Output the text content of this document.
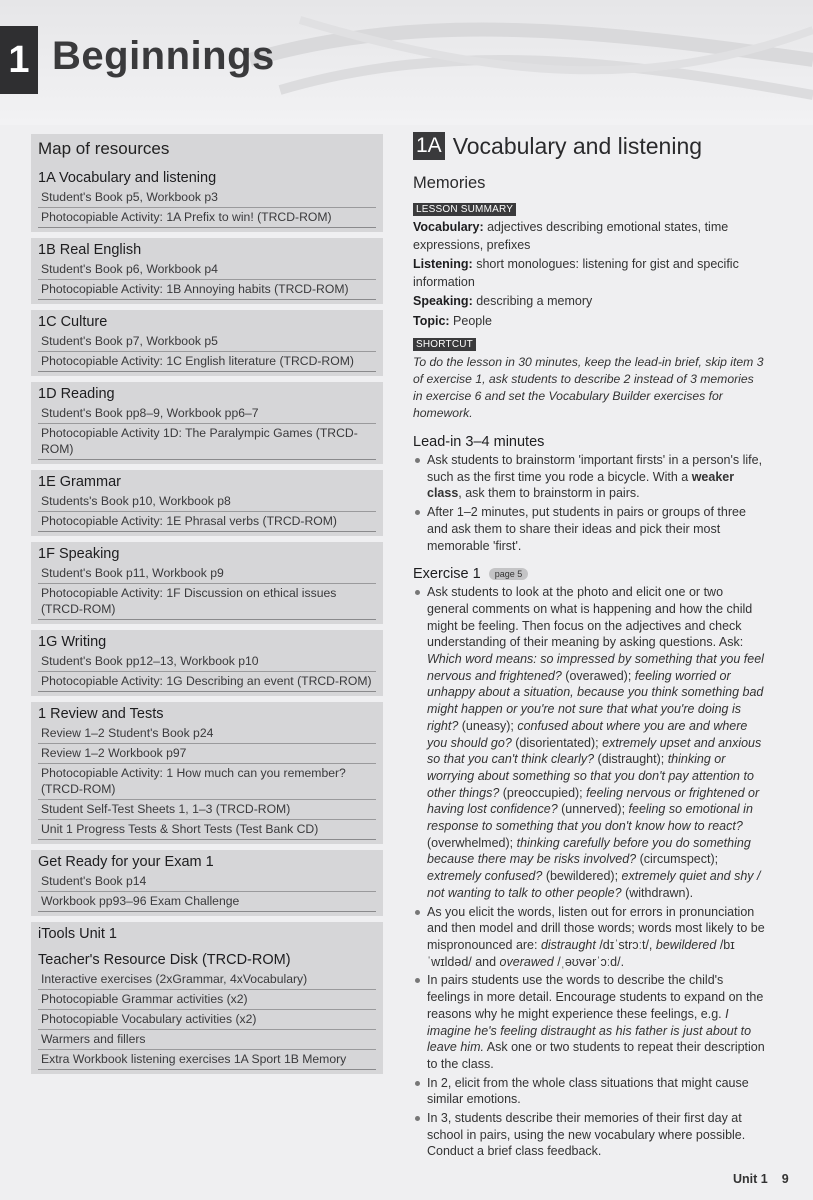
1 Beginnings
Map of resources
1A Vocabulary and listening
Student's Book p5, Workbook p3
Photocopiable Activity: 1A Prefix to win! (TRCD-ROM)
1B Real English
Student's Book p6, Workbook p4
Photocopiable Activity: 1B Annoying habits (TRCD-ROM)
1C Culture
Student's Book p7, Workbook p5
Photocopiable Activity: 1C English literature (TRCD-ROM)
1D Reading
Student's Book pp8–9, Workbook pp6–7
Photocopiable Activity 1D: The Paralympic Games (TRCD-ROM)
1E Grammar
Students's Book p10, Workbook p8
Photocopiable Activity: 1E Phrasal verbs (TRCD-ROM)
1F Speaking
Student's Book p11, Workbook p9
Photocopiable Activity: 1F Discussion on ethical issues (TRCD-ROM)
1G Writing
Student's Book pp12–13, Workbook p10
Photocopiable Activity: 1G Describing an event (TRCD-ROM)
1 Review and Tests
Review 1–2 Student's Book p24
Review 1–2 Workbook p97
Photocopiable Activity: 1 How much can you remember? (TRCD-ROM)
Student Self-Test Sheets 1, 1–3 (TRCD-ROM)
Unit 1 Progress Tests & Short Tests (Test Bank CD)
Get Ready for your Exam 1
Student's Book p14
Workbook pp93–96 Exam Challenge
iTools Unit 1
Teacher's Resource Disk (TRCD-ROM)
Interactive exercises (2xGrammar, 4xVocabulary)
Photocopiable Grammar activities (x2)
Photocopiable Vocabulary activities (x2)
Warmers and fillers
Extra Workbook listening exercises 1A Sport 1B Memory
1A Vocabulary and listening
Memories
LESSON SUMMARY
Vocabulary: adjectives describing emotional states, time expressions, prefixes
Listening: short monologues: listening for gist and specific information
Speaking: describing a memory
Topic: People
SHORTCUT
To do the lesson in 30 minutes, keep the lead-in brief, skip item 3 of exercise 1, ask students to describe 2 instead of 3 memories in exercise 6 and set the Vocabulary Builder exercises for homework.
Lead-in 3–4 minutes
Ask students to brainstorm 'important firsts' in a person's life, such as the first time you rode a bicycle. With a weaker class, ask them to brainstorm in pairs.
After 1–2 minutes, put students in pairs or groups of three and ask them to share their ideas and pick their most memorable 'first'.
Exercise 1	page 5
Ask students to look at the photo and elicit one or two general comments on what is happening and how the child might be feeling. Then focus on the adjectives and check understanding of their meaning by asking questions. Ask: Which word means: so impressed by something that you feel nervous and frightened? (overawed); feeling worried or unhappy about a situation, because you think something bad might happen or you're not sure that what you're doing is right? (uneasy); confused about where you are and where you should go? (disorientated); extremely upset and anxious so that you can't think clearly? (distraught); thinking or worrying about something so that you don't pay attention to other things? (preoccupied); feeling nervous or frightened or having lost confidence? (unnerved); feeling so emotional in response to something that you don't know how to react? (overwhelmed); thinking carefully before you do something because there may be risks involved? (circumspect); extremely confused? (bewildered); extremely quiet and shy / not wanting to talk to other people? (withdrawn).
As you elicit the words, listen out for errors in pronunciation and then model and drill those words; words most likely to be mispronounced are: distraught /dɪˈstrɔːt/, bewildered /bɪˈwɪldəd/ and overawed /ˌəʊvərˈɔːd/.
In pairs students use the words to describe the child's feelings in more detail. Encourage students to expand on the reasons why he might experience these feelings, e.g. I imagine he's feeling distraught as his father is just about to leave him. Ask one or two students to repeat their description to the class.
In 2, elicit from the whole class situations that might cause similar emotions.
In 3, students describe their memories of their first day at school in pairs, using the new vocabulary where possible. Conduct a brief class feedback.
Unit 1 9
